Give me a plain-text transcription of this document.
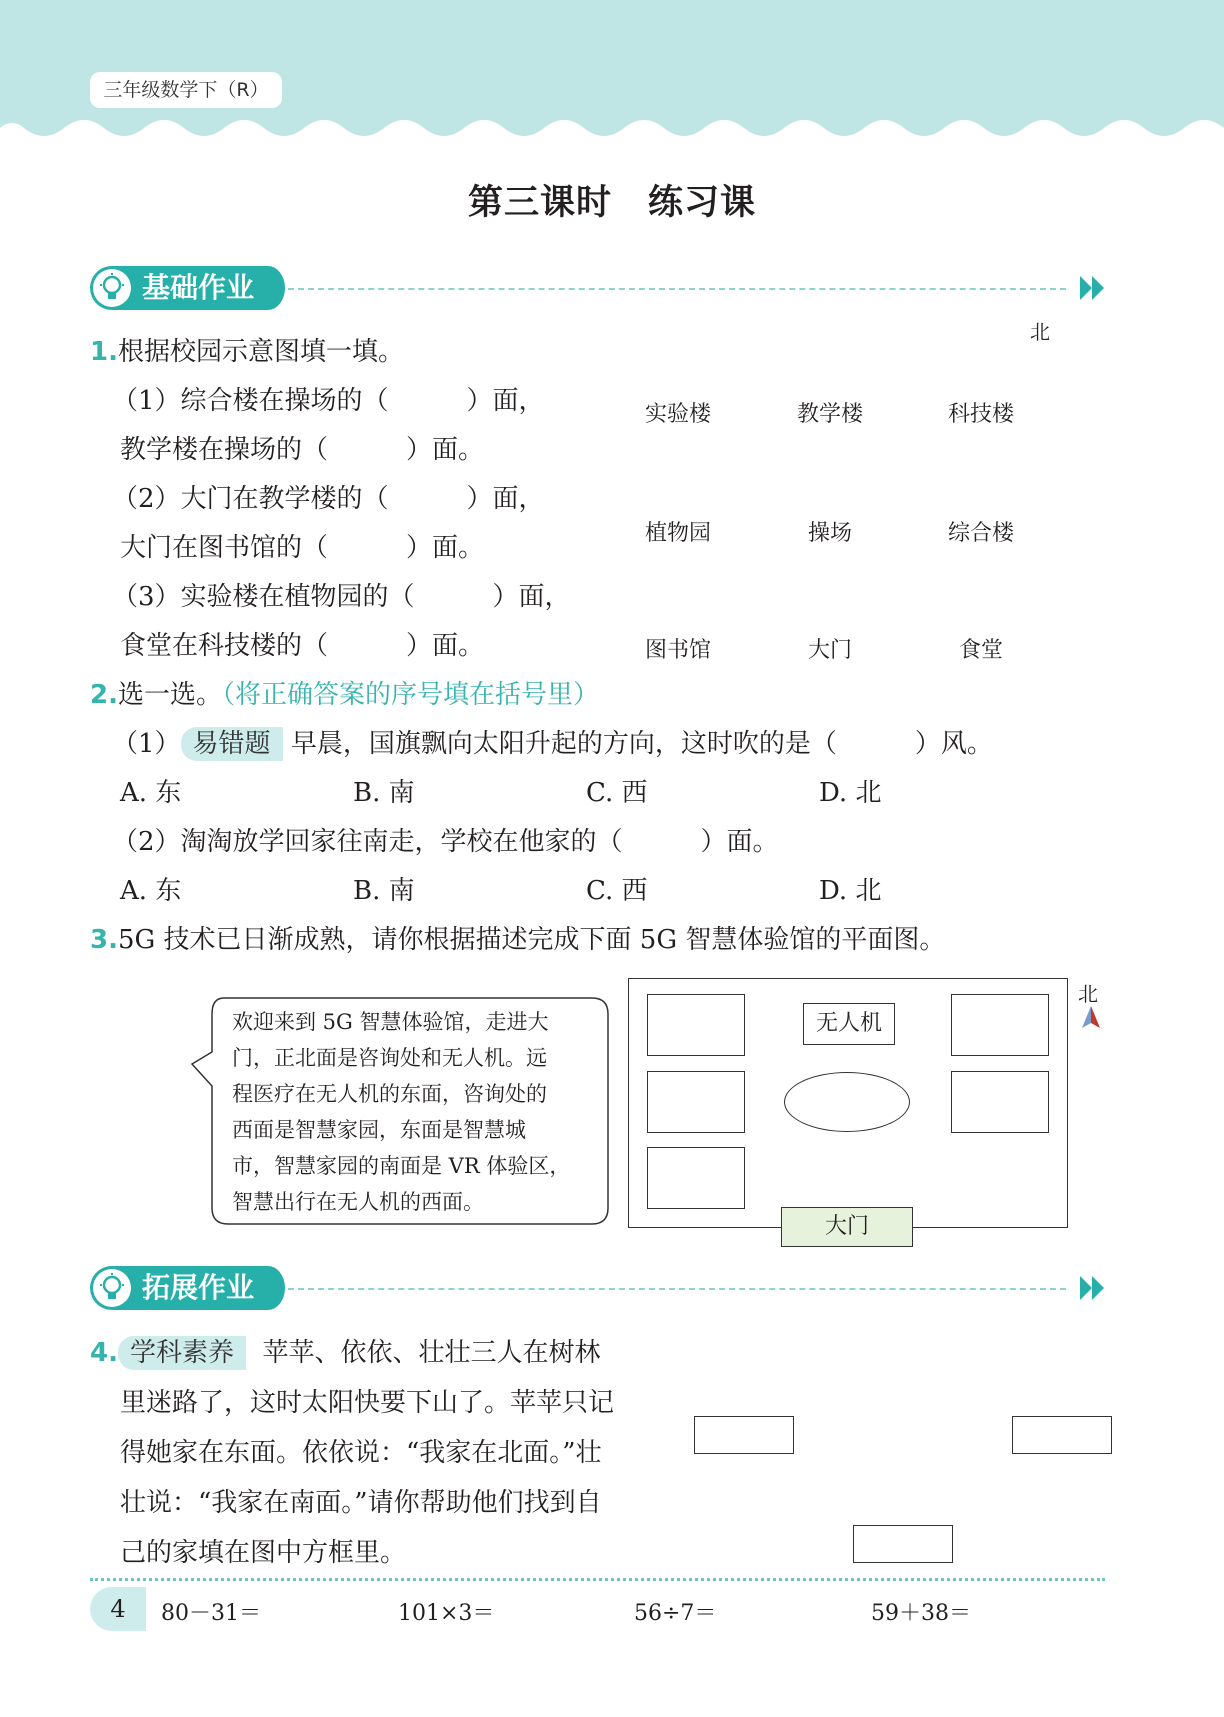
三年级数学下（R）
第三课时　练习课
基础作业
1.根据校园示意图填一填。
（1）综合楼在操场的（　　　）面，
教学楼在操场的（　　　）面。
（2）大门在教学楼的（　　　）面，
大门在图书馆的（　　　）面。
（3）实验楼在植物园的（　　　）面，
食堂在科技楼的（　　　）面。
北
实验楼	教学楼	科技楼
植物园	操场	综合楼
图书馆	大门	食堂
2.选一选。（将正确答案的序号填在括号里）
（1） 易错题 早晨，国旗飘向太阳升起的方向，这时吹的是（　　　）风。
A. 东	B. 南	C. 西	D. 北
（2）淘淘放学回家往南走，学校在他家的（　　　）面。
A. 东	B. 南	C. 西	D. 北
3.5G 技术已日渐成熟，请你根据描述完成下面 5G 智慧体验馆的平面图。
欢迎来到 5G 智慧体验馆，走进大
门，正北面是咨询处和无人机。远
程医疗在无人机的东面，咨询处的
西面是智慧家园，东面是智慧城
市，智慧家园的南面是 VR 体验区，
智慧出行在无人机的西面。
无人机
大门
北
拓展作业
4. 学科素养 苹苹、依依、壮壮三人在树林
里迷路了，这时太阳快要下山了。苹苹只记
得她家在东面。依依说：“我家在北面。”壮
壮说：“我家在南面。”请你帮助他们找到自
己的家填在图中方框里。
4	80－31＝	101×3＝	56÷7＝	59＋38＝
